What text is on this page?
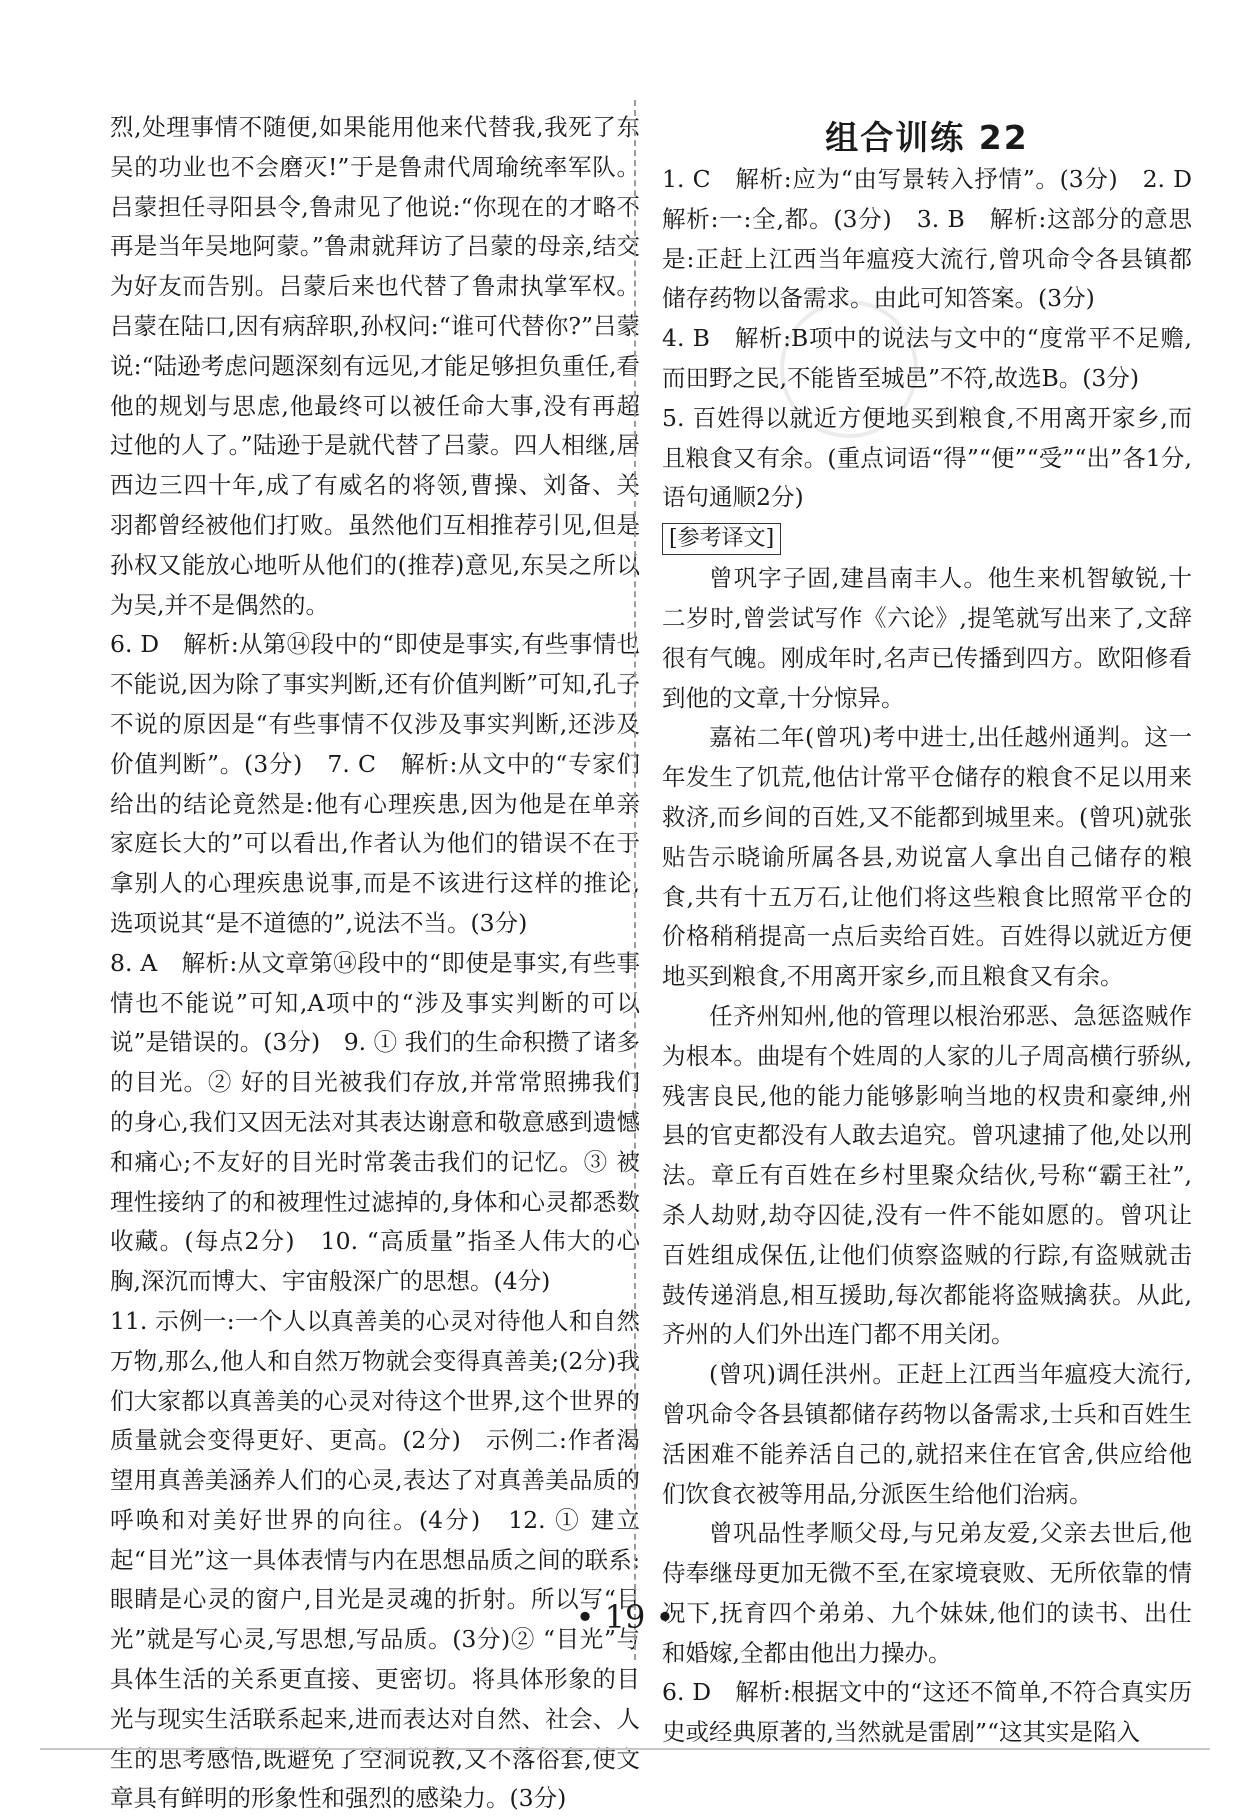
烈,处理事情不随便,如果能用他来代替我,我死了东吴的功业也不会磨灭!”于是鲁肃代周瑜统率军队。吕蒙担任寻阳县令,鲁肃见了他说:“你现在的才略不再是当年吴地阿蒙。”鲁肃就拜访了吕蒙的母亲,结交为好友而告别。吕蒙后来也代替了鲁肃执掌军权。吕蒙在陆口,因有病辞职,孙权问:“谁可代替你?”吕蒙说:“陆逊考虑问题深刻有远见,才能足够担负重任,看他的规划与思虑,他最终可以被任命大事,没有再超过他的人了。”陆逊于是就代替了吕蒙。四人相继,居西边三四十年,成了有威名的将领,曹操、刘备、关羽都曾经被他们打败。虽然他们互相推荐引见,但是孙权又能放心地听从他们的(推荐)意见,东吴之所以为吴,并不是偶然的。

6. D　解析:从第⑭段中的“即使是事实,有些事情也不能说,因为除了事实判断,还有价值判断”可知,孔子不说的原因是“有些事情不仅涉及事实判断,还涉及价值判断”。(3分)　7. C　解析:从文中的“专家们给出的结论竟然是:他有心理疾患,因为他是在单亲家庭长大的”可以看出,作者认为他们的错误不在于拿别人的心理疾患说事,而是不该进行这样的推论,选项说其“是不道德的”,说法不当。(3分)

8. A　解析:从文章第⑭段中的“即使是事实,有些事情也不能说”可知,A项中的“涉及事实判断的可以说”是错误的。(3分)　9. ① 我们的生命积攒了诸多的目光。② 好的目光被我们存放,并常常照拂我们的身心,我们又因无法对其表达谢意和敬意感到遗憾和痛心;不友好的目光时常袭击我们的记忆。③ 被理性接纳了的和被理性过滤掉的,身体和心灵都悉数收藏。(每点2分)　10. “高质量”指圣人伟大的心胸,深沉而博大、宇宙般深广的思想。(4分)

11. 示例一:一个人以真善美的心灵对待他人和自然万物,那么,他人和自然万物就会变得真善美;(2分)我们大家都以真善美的心灵对待这个世界,这个世界的质量就会变得更好、更高。(2分)　示例二:作者渴望用真善美涵养人们的心灵,表达了对真善美品质的呼唤和对美好世界的向往。(4分)　12. ① 建立起“目光”这一具体表情与内在思想品质之间的联系:眼睛是心灵的窗户,目光是灵魂的折射。所以写“目光”就是写心灵,写思想,写品质。(3分)② “目光”与具体生活的关系更直接、更密切。将具体形象的目光与现实生活联系起来,进而表达对自然、社会、人生的思考感悟,既避免了空洞说教,又不落俗套,使文章具有鲜明的形象性和强烈的感染力。(3分)

组合训练 22

1. C　解析:应为“由写景转入抒情”。(3分)　2. D　解析:一:全,都。(3分)　3. B　解析:这部分的意思是:正赶上江西当年瘟疫大流行,曾巩命令各县镇都储存药物以备需求。由此可知答案。(3分)

4. B　解析:B项中的说法与文中的“度常平不足赡,而田野之民,不能皆至城邑”不符,故选B。(3分)

5. 百姓得以就近方便地买到粮食,不用离开家乡,而且粮食又有余。(重点词语“得”“便”“受”“出”各1分,语句通顺2分)

[参考译文]

曾巩字子固,建昌南丰人。他生来机智敏锐,十二岁时,曾尝试写作《六论》,提笔就写出来了,文辞很有气魄。刚成年时,名声已传播到四方。欧阳修看到他的文章,十分惊异。

嘉祐二年(曾巩)考中进士,出任越州通判。这一年发生了饥荒,他估计常平仓储存的粮食不足以用来救济,而乡间的百姓,又不能都到城里来。(曾巩)就张贴告示晓谕所属各县,劝说富人拿出自己储存的粮食,共有十五万石,让他们将这些粮食比照常平仓的价格稍稍提高一点后卖给百姓。百姓得以就近方便地买到粮食,不用离开家乡,而且粮食又有余。

任齐州知州,他的管理以根治邪恶、急惩盗贼作为根本。曲堤有个姓周的人家的儿子周高横行骄纵,残害良民,他的能力能够影响当地的权贵和豪绅,州县的官吏都没有人敢去追究。曾巩逮捕了他,处以刑法。章丘有百姓在乡村里聚众结伙,号称“霸王社”,杀人劫财,劫夺囚徒,没有一件不能如愿的。曾巩让百姓组成保伍,让他们侦察盗贼的行踪,有盗贼就击鼓传递消息,相互援助,每次都能将盗贼擒获。从此,齐州的人们外出连门都不用关闭。

(曾巩)调任洪州。正赶上江西当年瘟疫大流行,曾巩命令各县镇都储存药物以备需求,士兵和百姓生活困难不能养活自己的,就招来住在官舍,供应给他们饮食衣被等用品,分派医生给他们治病。

曾巩品性孝顺父母,与兄弟友爱,父亲去世后,他侍奉继母更加无微不至,在家境衰败、无所依靠的情况下,抚育四个弟弟、九个妹妹,他们的读书、出仕和婚嫁,全都由他出力操办。

6. D　解析:根据文中的“这还不简单,不符合真实历史或经典原著的,当然就是雷剧”“这其实是陷入

• 19 •
